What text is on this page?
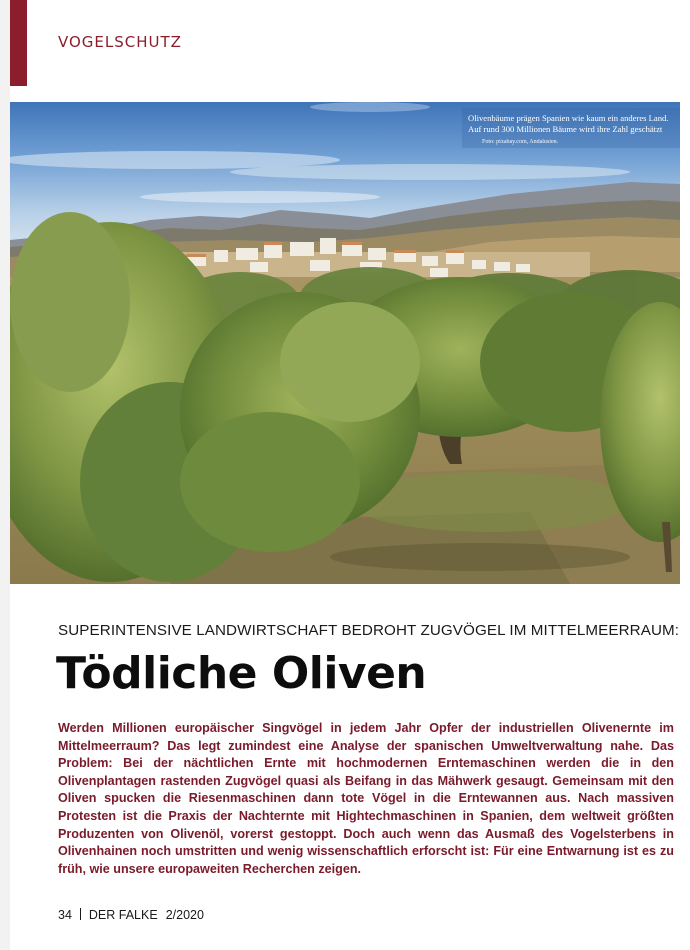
VOGELSCHUTZ
Olivenbäume prägen Spanien wie kaum ein anderes Land. Auf rund 300 Millionen Bäume wird ihre Zahl geschätzt Foto: pixabay.com, Andalusien.
SUPERINTENSIVE LANDWIRTSCHAFT BEDROHT ZUGVÖGEL IM MITTELMEERRAUM:
Tödliche Oliven

Werden Millionen europäischer Singvögel in jedem Jahr Opfer der industriellen Olivenernte im Mittelmeerraum? Das legt zumindest eine Analyse der spanischen Umweltverwaltung nahe. Das Problem: Bei der nächtlichen Ernte mit hochmodernen Erntemaschinen werden die in den Olivenplantagen rastenden Zugvögel quasi als Beifang in das Mähwerk gesaugt. Gemeinsam mit den Oliven spucken die Riesenmaschinen dann tote Vögel in die Erntewannen aus. Nach massiven Protesten ist die Praxis der Nachternte mit Hightechmaschinen in Spanien, dem weltweit größten Produzenten von Olivenöl, vorerst gestoppt. Doch auch wenn das Ausmaß des Vogelsterbens in Olivenhainen noch umstritten und wenig wissenschaftlich erforscht ist: Für eine Entwarnung ist es zu früh, wie unsere europaweiten Recherchen zeigen.

34 DER FALKE 2/2020
